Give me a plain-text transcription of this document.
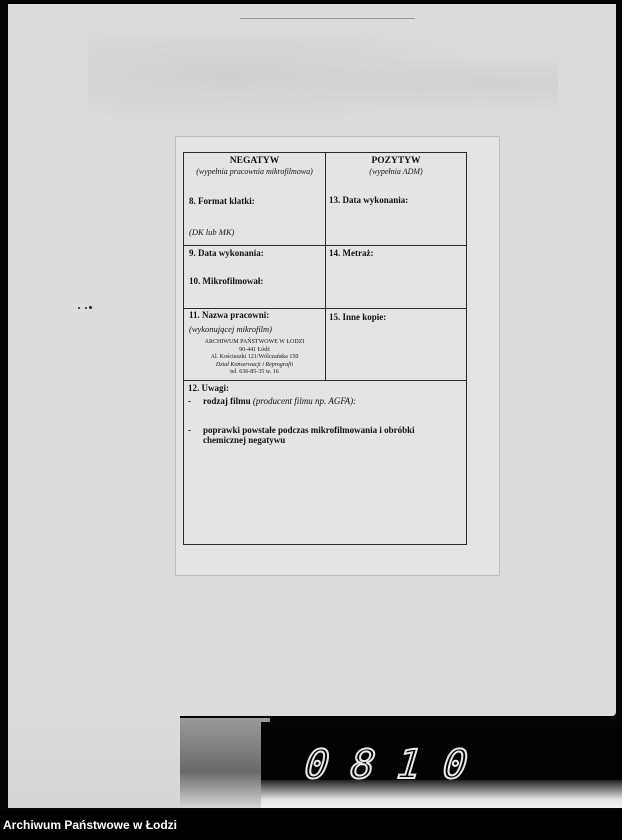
NEGATYW
(wypełnia pracownia mikrofilmowa)
8. Format klatki:
(DK lub MK)
9. Data wykonania:
10. Mikrofilmował:
11. Nazwa pracowni:
(wykonującej mikrofilm)
ARCHIWUM PAŃSTWOWE W ŁODZI
90-441 Łódź
Al. Kościuszki 121/Wólczańska 150
Dział Konserwacji i Reprografii
tel. 636-85-35 w. 16
POZYTYW
(wypełnia ADM)
13. Data wykonania:
14. Metraż:
15. Inne kopie:
12. Uwagi:
- rodzaj filmu (producent filmu np. AGFA):
- poprawki powstałe podczas mikrofilmowania i obróbki
chemicznej negatywu
0810
Archiwum Państwowe w Łodzi
